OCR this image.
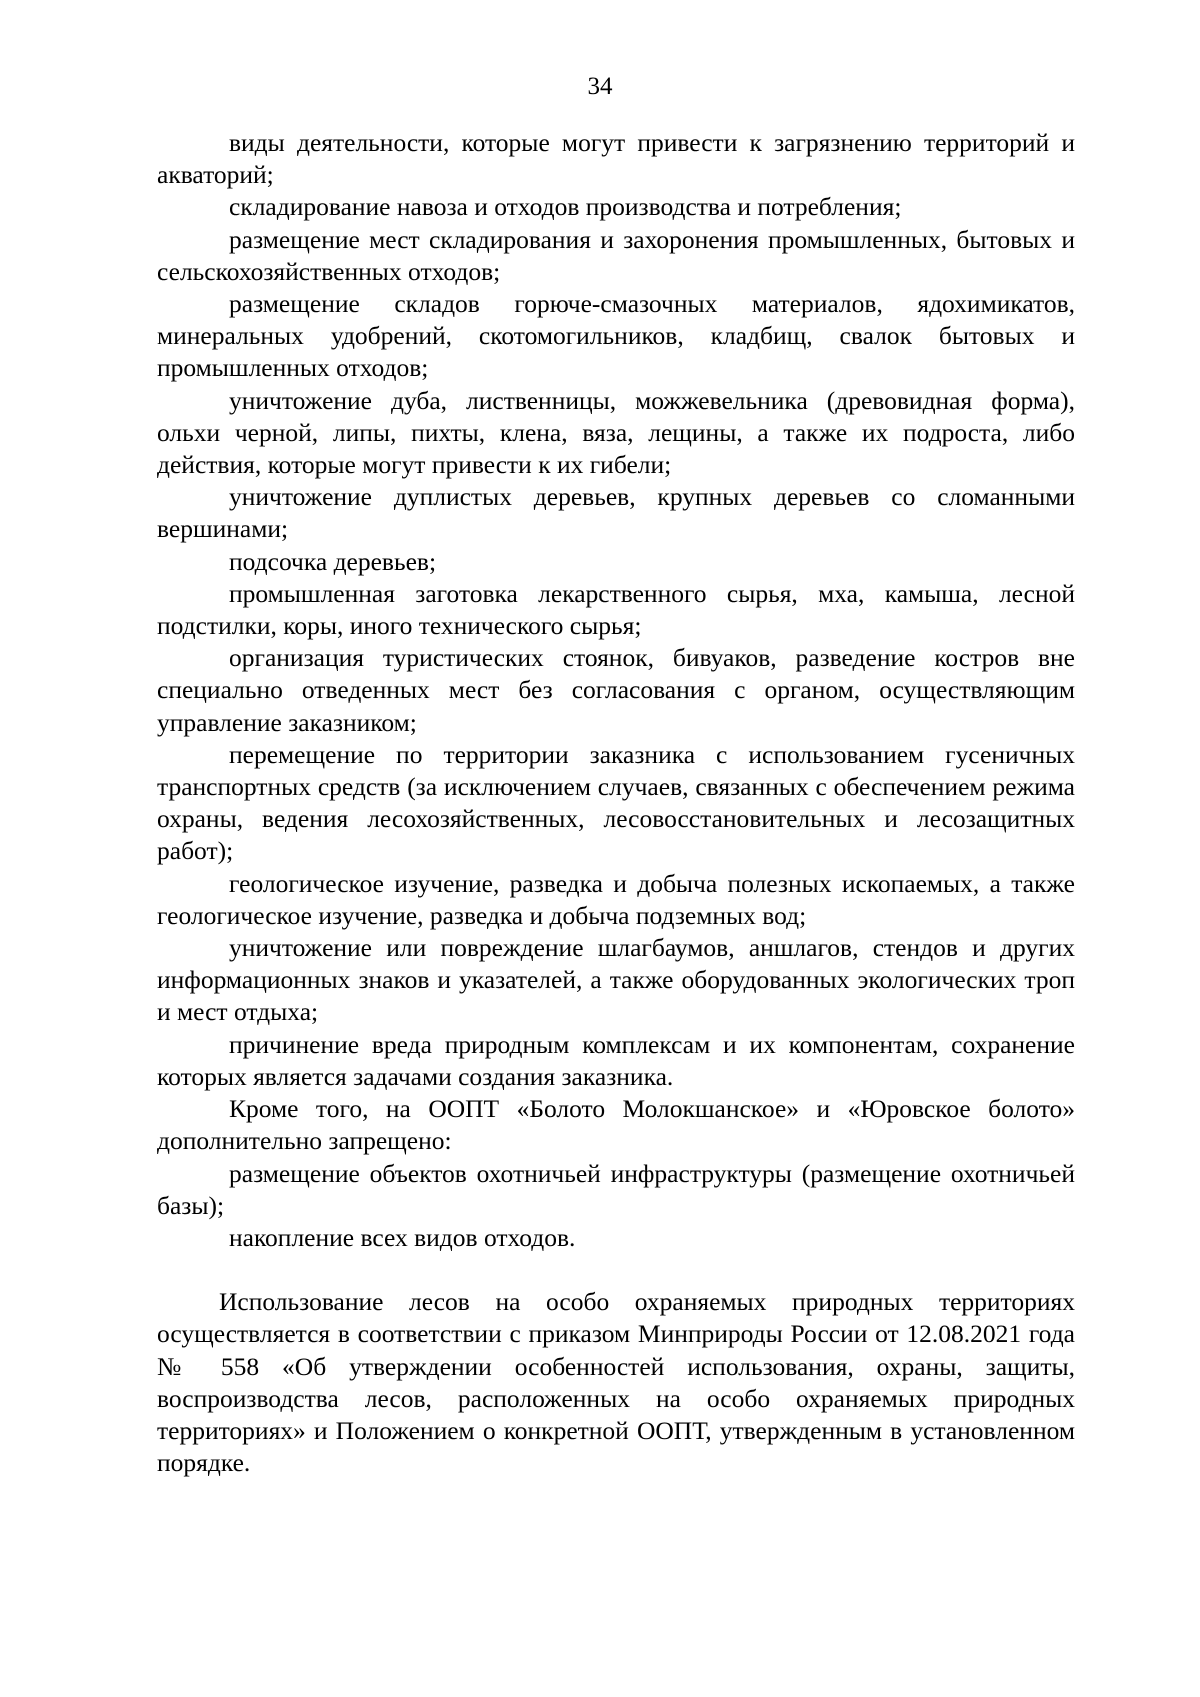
34

виды деятельности, которые могут привести к загрязнению территорий и акваторий;

складирование навоза и отходов производства и потребления;

размещение мест складирования и захоронения промышленных, бытовых и сельскохозяйственных отходов;

размещение складов горюче-смазочных материалов, ядохимикатов, минеральных удобрений, скотомогильников, кладбищ, свалок бытовых и промышленных отходов;

уничтожение дуба, лиственницы, можжевельника (древовидная форма), ольхи черной, липы, пихты, клена, вяза, лещины, а также их подроста, либо действия, которые могут привести к их гибели;

уничтожение дуплистых деревьев, крупных деревьев со сломанными вершинами;

подсочка деревьев;

промышленная заготовка лекарственного сырья, мха, камыша, лесной подстилки, коры, иного технического сырья;

организация туристических стоянок, бивуаков, разведение костров вне специально отведенных мест без согласования с органом, осуществляющим управление заказником;

перемещение по территории заказника с использованием гусеничных транспортных средств (за исключением случаев, связанных с обеспечением режима охраны, ведения лесохозяйственных, лесовосстановительных и лесозащитных работ);

геологическое изучение, разведка и добыча полезных ископаемых, а также геологическое изучение, разведка и добыча подземных вод;

уничтожение или повреждение шлагбаумов, аншлагов, стендов и других информационных знаков и указателей, а также оборудованных экологических троп и мест отдыха;

причинение вреда природным комплексам и их компонентам, сохранение которых является задачами создания заказника.

Кроме того, на ООПТ «Болото Молокшанское» и «Юровское болото» дополнительно запрещено:

размещение объектов охотничьей инфраструктуры (размещение охотничьей базы);

накопление всех видов отходов.

Использование лесов на особо охраняемых природных территориях осуществляется в соответствии с приказом Минприроды России от 12.08.2021 года № 558 «Об утверждении особенностей использования, охраны, защиты, воспроизводства лесов, расположенных на особо охраняемых природных территориях» и Положением о конкретной ООПТ, утвержденным в установленном порядке.
